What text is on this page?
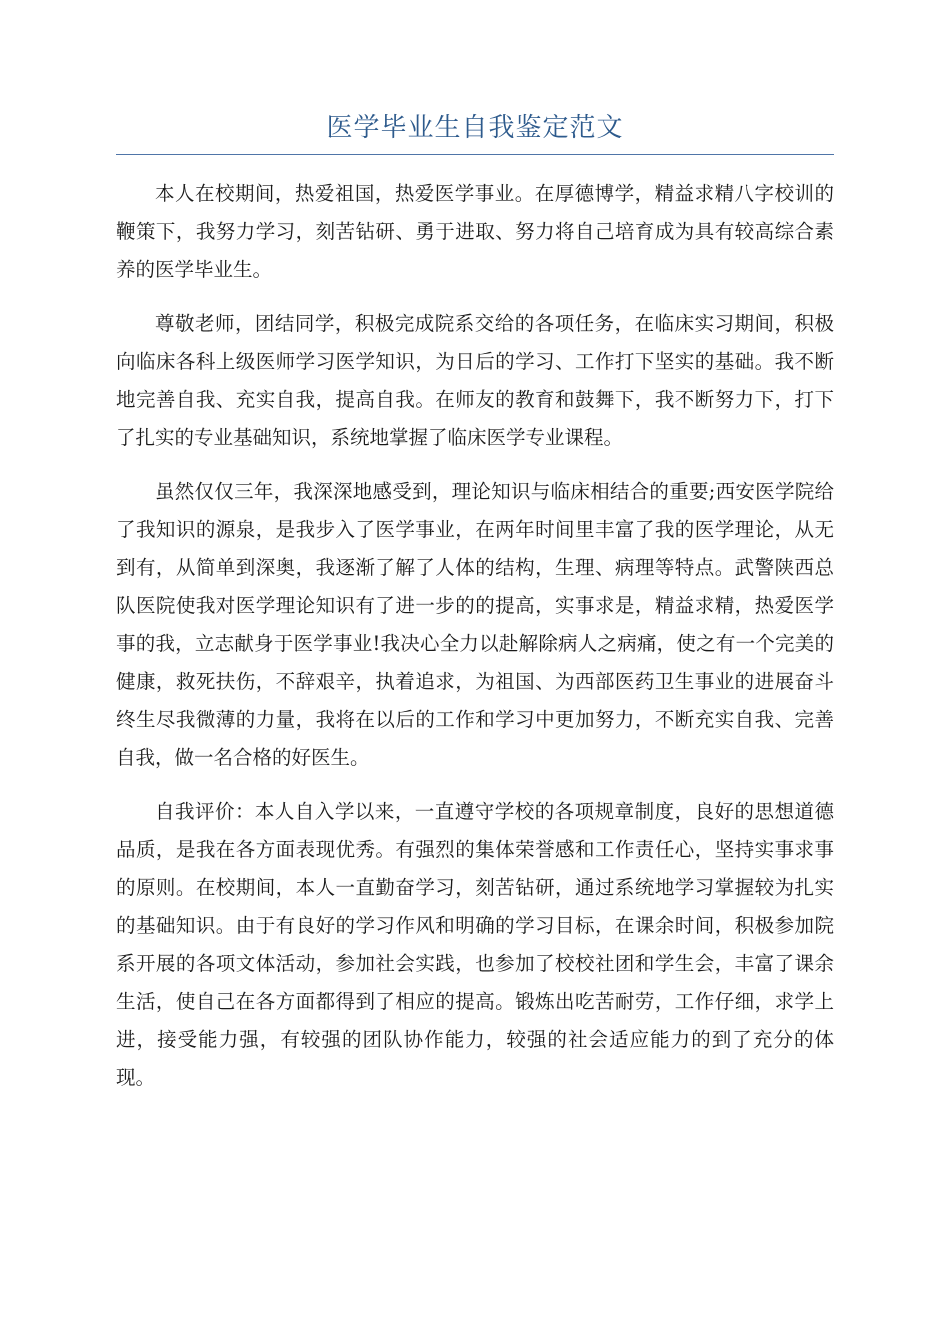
医学毕业生自我鉴定范文

本人在校期间，热爱祖国，热爱医学事业。在厚德博学，精益求精八字校训的鞭策下，我努力学习，刻苦钻研、勇于进取、努力将自己培育成为具有较高综合素养的医学毕业生。

尊敬老师，团结同学，积极完成院系交给的各项任务，在临床实习期间，积极向临床各科上级医师学习医学知识，为日后的学习、工作打下坚实的基础。我不断地完善自我、充实自我，提高自我。在师友的教育和鼓舞下，我不断努力下，打下了扎实的专业基础知识，系统地掌握了临床医学专业课程。

虽然仅仅三年，我深深地感受到，理论知识与临床相结合的重要;西安医学院给了我知识的源泉，是我步入了医学事业，在两年时间里丰富了我的医学理论，从无到有，从简单到深奥，我逐渐了解了人体的结构，生理、病理等特点。武警陕西总队医院使我对医学理论知识有了进一步的的提高，实事求是，精益求精，热爱医学事的我，立志献身于医学事业!我决心全力以赴解除病人之病痛，使之有一个完美的健康，救死扶伤，不辞艰辛，执着追求，为祖国、为西部医药卫生事业的进展奋斗终生尽我微薄的力量，我将在以后的工作和学习中更加努力，不断充实自我、完善自我，做一名合格的好医生。

自我评价：本人自入学以来，一直遵守学校的各项规章制度，良好的思想道德品质，是我在各方面表现优秀。有强烈的集体荣誉感和工作责任心，坚持实事求事的原则。在校期间，本人一直勤奋学习，刻苦钻研，通过系统地学习掌握较为扎实的基础知识。由于有良好的学习作风和明确的学习目标，在课余时间，积极参加院系开展的各项文体活动，参加社会实践，也参加了校校社团和学生会，丰富了课余生活，使自己在各方面都得到了相应的提高。锻炼出吃苦耐劳，工作仔细，求学上进，接受能力强，有较强的团队协作能力，较强的社会适应能力的到了充分的体现。
